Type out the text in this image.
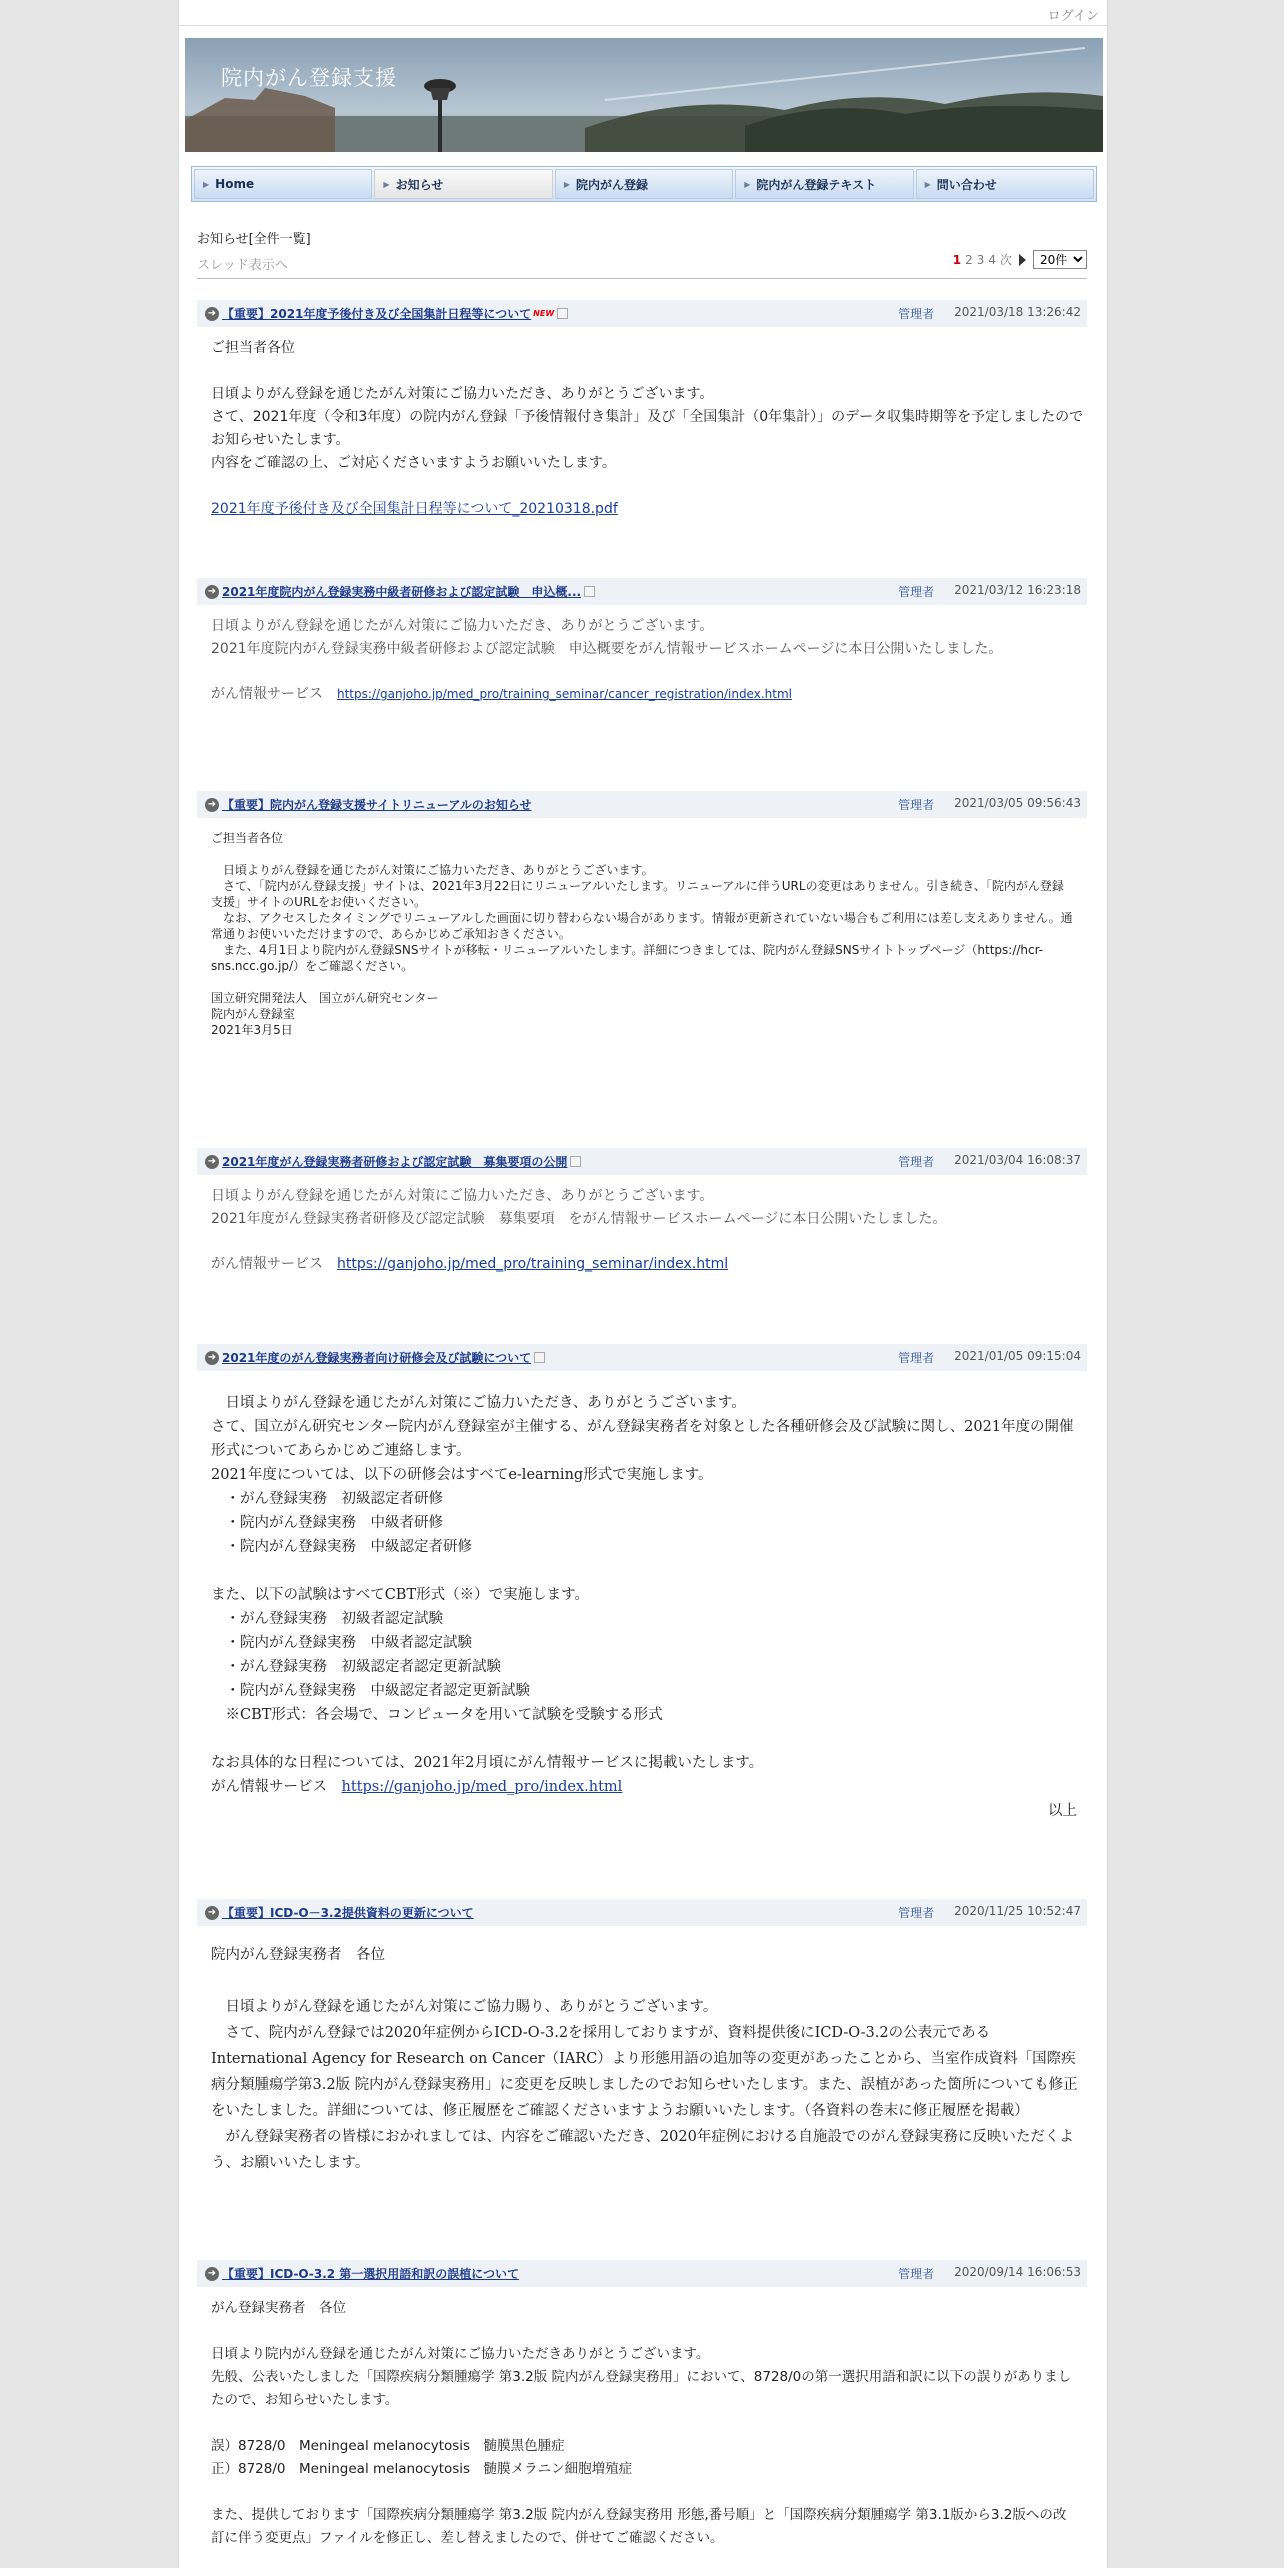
ログイン
院内がん登録支援
▶ Home	▶ お知らせ	▶ 院内がん登録	▶ 院内がん登録テキスト	▶ 問い合わせ
お知らせ[全件一覧]
スレッド表示へ	1 2 3 4 次
20件
➜ 【重要】2021年度予後付き及び全国集計日程等について NEW	管理者 2021/03/18 13:26:42

ご担当者各位

日頃よりがん登録を通じたがん対策にご協力いただき、ありがとうございます。
さて、2021年度（令和3年度）の院内がん登録「予後情報付き集計」及び「全国集計（0年集計）」のデータ収集時期等を予定しましたのでお知らせいたします。
内容をご確認の上、ご対応くださいますようお願いいたします。

2021年度予後付き及び全国集計日程等について_20210318.pdf

➜ 2021年度院内がん登録実務中級者研修および認定試験　申込概...	管理者 2021/03/12 16:23:18

日頃よりがん登録を通じたがん対策にご協力いただき、ありがとうございます。
2021年度院内がん登録実務中級者研修および認定試験　申込概要をがん情報サービスホームページに本日公開いたしました。

がん情報サービス　https://ganjoho.jp/med_pro/training_seminar/cancer_registration/index.html

➜ 【重要】院内がん登録支援サイトリニューアルのお知らせ	管理者 2021/03/05 09:56:43

ご担当者各位

　日頃よりがん登録を通じたがん対策にご協力いただき、ありがとうございます。
　さて、「院内がん登録支援」サイトは、2021年3月22日にリニューアルいたします。リニューアルに伴うURLの変更はありません。引き続き、「院内がん登録支援」サイトのURLをお使いください。
　なお、アクセスしたタイミングでリニューアルした画面に切り替わらない場合があります。情報が更新されていない場合もご利用には差し支えありません。通常通りお使いいただけますので、あらかじめご承知おきください。
　また、4月1日より院内がん登録SNSサイトが移転・リニューアルいたします。詳細につきましては、院内がん登録SNSサイトトップページ（https://hcr-sns.ncc.go.jp/）をご確認ください。

国立研究開発法人　国立がん研究センター
院内がん登録室
2021年3月5日

➜ 2021年度がん登録実務者研修および認定試験　募集要項の公開	管理者 2021/03/04 16:08:37

日頃よりがん登録を通じたがん対策にご協力いただき、ありがとうございます。
2021年度がん登録実務者研修及び認定試験　募集要項　をがん情報サービスホームページに本日公開いたしました。

がん情報サービス　https://ganjoho.jp/med_pro/training_seminar/index.html

➜ 2021年度のがん登録実務者向け研修会及び試験について	管理者 2021/01/05 09:15:04

　日頃よりがん登録を通じたがん対策にご協力いただき、ありがとうございます。
さて、国立がん研究センター院内がん登録室が主催する、がん登録実務者を対象とした各種研修会及び試験に関し、2021年度の開催形式についてあらかじめご連絡します。
2021年度については、以下の研修会はすべてe-learning形式で実施します。
　・がん登録実務　初級認定者研修
　・院内がん登録実務　中級者研修
　・院内がん登録実務　中級認定者研修

また、以下の試験はすべてCBT形式（※）で実施します。
　・がん登録実務　初級者認定試験
　・院内がん登録実務　中級者認定試験
　・がん登録実務　初級認定者認定更新試験
　・院内がん登録実務　中級認定者認定更新試験
　※CBT形式：各会場で、コンピュータを用いて試験を受験する形式

なお具体的な日程については、2021年2月頃にがん情報サービスに掲載いたします。

がん情報サービス　https://ganjoho.jp/med_pro/index.html

以上

➜ 【重要】ICD-O－3.2提供資料の更新について	管理者 2020/11/25 10:52:47

院内がん登録実務者　各位

　日頃よりがん登録を通じたがん対策にご協力賜り、ありがとうございます。
　さて、院内がん登録では2020年症例からICD-O-3.2を採用しておりますが、資料提供後にICD-O-3.2の公表元であるInternational Agency for Research on Cancer（IARC）より形態用語の追加等の変更があったことから、当室作成資料「国際疾病分類腫瘍学第3.2版 院内がん登録実務用」に変更を反映しましたのでお知らせいたします。また、誤植があった箇所についても修正をいたしました。詳細については、修正履歴をご確認くださいますようお願いいたします。（各資料の巻末に修正履歴を掲載）
　がん登録実務者の皆様におかれましては、内容をご確認いただき、2020年症例における自施設でのがん登録実務に反映いただくよう、お願いいたします。

➜ 【重要】ICD-O-3.2 第一選択用語和訳の誤植について	管理者 2020/09/14 16:06:53

がん登録実務者　各位

日頃より院内がん登録を通じたがん対策にご協力いただきありがとうございます。
先般、公表いたしました「国際疾病分類腫瘍学 第3.2版 院内がん登録実務用」において、8728/0の第一選択用語和訳に以下の誤りがありましたので、お知らせいたします。

誤）8728/0　Meningeal melanocytosis　髄膜黒色腫症
正）8728/0　Meningeal melanocytosis　髄膜メラニン細胞増殖症

また、提供しております「国際疾病分類腫瘍学 第3.2版 院内がん登録実務用 形態,番号順」と「国際疾病分類腫瘍学 第3.1版から3.2版への改訂に伴う変更点」ファイルを修正し、差し替えましたので、併せてご確認ください。
